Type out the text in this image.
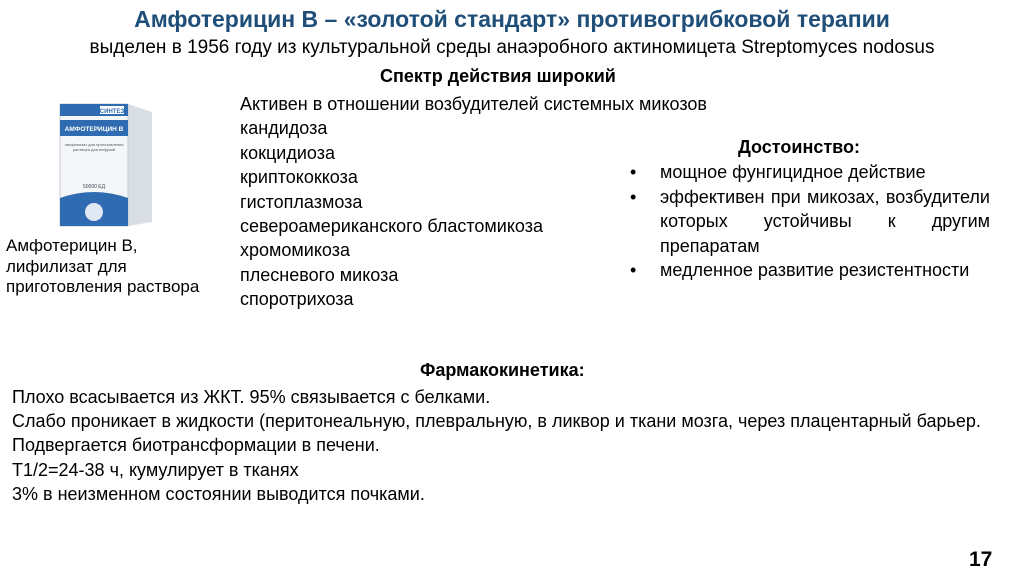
Амфотерицин В – «золотой стандарт» противогрибковой терапии
выделен в 1956 году из культуральной среды анаэробного актиномицета Streptomyces nodosus
СИНТЕЗ
АМФОТЕРИЦИН В
лиофилизат для приготовления раствора для инфузий
50000 ЕД
Амфотерицин В,
лифилизат для
приготовления раствора
Спектр действия широкий
Активен в отношении возбудителей системных микозов
кандидоза
кокцидиоза
криптококкоза
гистоплазмоза
североамериканского бластомикоза
хромомикоза
плесневого микоза
споротрихоза
Достоинство:
• мощное фунгицидное действие
• эффективен при микозах, возбудители которых устойчивы к другим препаратам
• медленное развитие резистентности
Фармакокинетика:
Плохо всасывается из ЖКТ. 95% связывается с белками.
Слабо проникает в жидкости (перитонеальную, плевральную, в ликвор и ткани мозга, через плацентарный барьер.
Подвергается биотрансформации в печени.
Т1/2=24-38 ч, кумулирует в тканях
3% в неизменном состоянии выводится почками.
17
